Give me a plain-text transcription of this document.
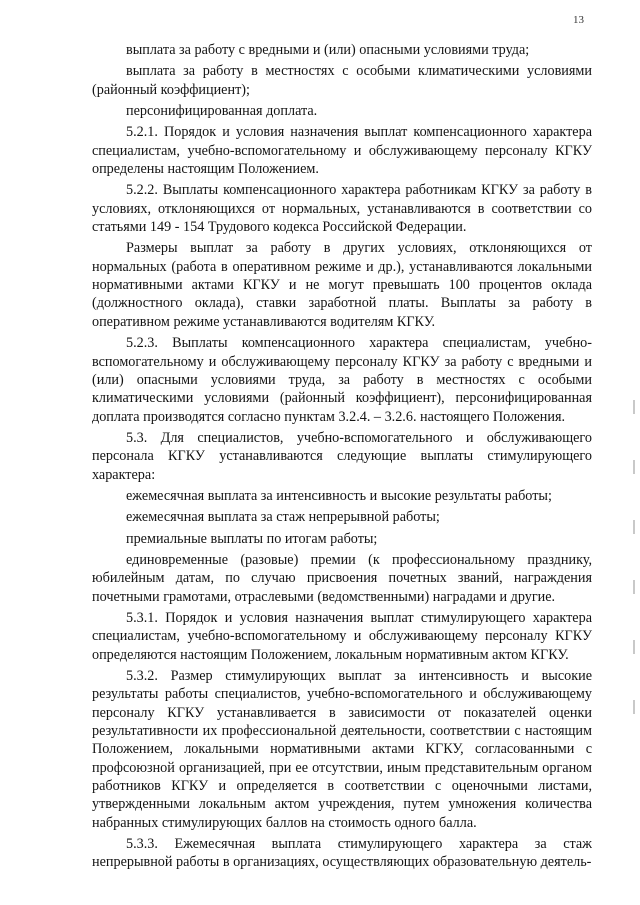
13

выплата за работу с вредными и (или) опасными условиями труда;

выплата за работу в местностях с особыми климатическими условиями (районный коэффициент);

персонифицированная доплата.

5.2.1. Порядок и условия назначения выплат компенсационного характера специалистам, учебно-вспомогательному и обслуживающему персоналу КГКУ определены настоящим Положением.

5.2.2. Выплаты компенсационного характера работникам КГКУ за работу в условиях, отклоняющихся от нормальных, устанавливаются в соответствии со статьями 149 - 154 Трудового кодекса Российской Федерации.

Размеры выплат за работу в других условиях, отклоняющихся от нормальных (работа в оперативном режиме и др.), устанавливаются локальными нормативными актами КГКУ и не могут превышать 100 процентов оклада (должностного оклада), ставки заработной платы. Выплаты за работу в оперативном режиме устанавливаются водителям КГКУ.

5.2.3. Выплаты компенсационного характера специалистам, учебно-вспомогательному и обслуживающему персоналу КГКУ за работу с вредными и (или) опасными условиями труда, за работу в местностях с особыми климатическими условиями (районный коэффициент), персонифицированная доплата производятся согласно пунктам 3.2.4. – 3.2.6. настоящего Положения.

5.3. Для специалистов, учебно-вспомогательного и обслуживающего персонала КГКУ устанавливаются следующие выплаты стимулирующего характера:

ежемесячная выплата за интенсивность и высокие результаты работы;

ежемесячная выплата за стаж непрерывной работы;

премиальные выплаты по итогам работы;

единовременные (разовые) премии (к профессиональному празднику, юбилейным датам, по случаю присвоения почетных званий, награждения почетными грамотами, отраслевыми (ведомственными) наградами и другие.

5.3.1. Порядок и условия назначения выплат стимулирующего характера специалистам, учебно-вспомогательному и обслуживающему персоналу КГКУ определяются настоящим Положением, локальным нормативным актом КГКУ.

5.3.2. Размер стимулирующих выплат за интенсивность и высокие результаты работы специалистов, учебно-вспомогательного и обслуживающему персоналу КГКУ устанавливается в зависимости от показателей оценки результативности их профессиональной деятельности, соответствии с настоящим Положением, локальными нормативными актами КГКУ, согласованными с профсоюзной организацией, при ее отсутствии, иным представительным органом работников КГКУ и определяется в соответствии с оценочными листами, утвержденными локальным актом учреждения, путем умножения количества набранных стимулирующих баллов на стоимость одного балла.

5.3.3. Ежемесячная выплата стимулирующего характера за стаж непрерывной работы в организациях, осуществляющих образовательную деятель-
